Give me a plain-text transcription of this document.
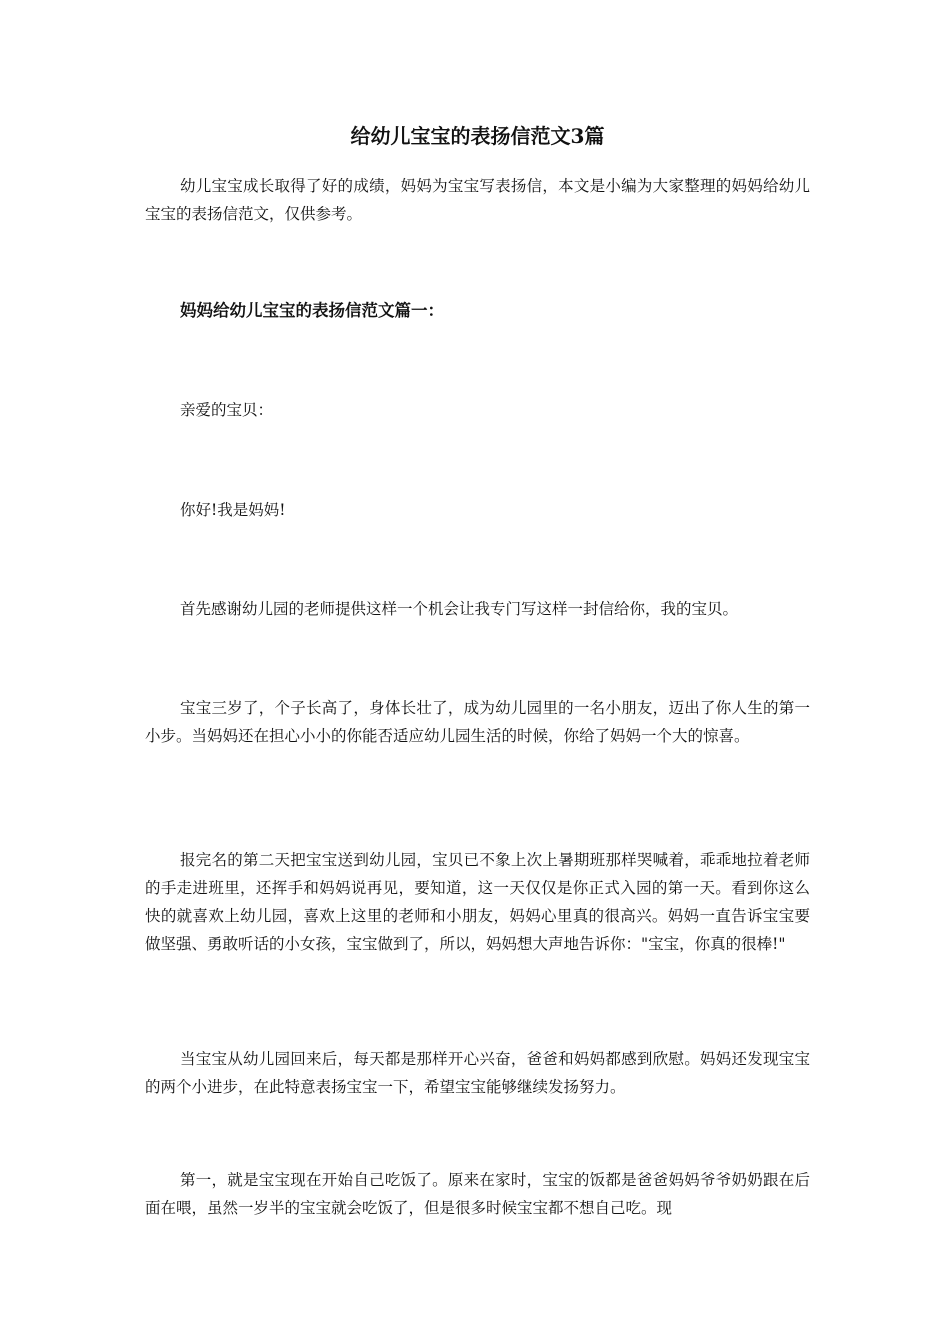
给幼儿宝宝的表扬信范文3篇

幼儿宝宝成长取得了好的成绩，妈妈为宝宝写表扬信，本文是小编为大家整理的妈妈给幼儿宝宝的表扬信范文，仅供参考。

妈妈给幼儿宝宝的表扬信范文篇一：

亲爱的宝贝：

你好!我是妈妈!

首先感谢幼儿园的老师提供这样一个机会让我专门写这样一封信给你，我的宝贝。

宝宝三岁了，个子长高了，身体长壮了，成为幼儿园里的一名小朋友，迈出了你人生的第一小步。当妈妈还在担心小小的你能否适应幼儿园生活的时候，你给了妈妈一个大的惊喜。

报完名的第二天把宝宝送到幼儿园，宝贝已不象上次上暑期班那样哭喊着，乖乖地拉着老师的手走进班里，还挥手和妈妈说再见，要知道，这一天仅仅是你正式入园的第一天。看到你这么快的就喜欢上幼儿园，喜欢上这里的老师和小朋友，妈妈心里真的很高兴。妈妈一直告诉宝宝要做坚强、勇敢听话的小女孩，宝宝做到了，所以，妈妈想大声地告诉你："宝宝，你真的很棒!"

当宝宝从幼儿园回来后，每天都是那样开心兴奋，爸爸和妈妈都感到欣慰。妈妈还发现宝宝的两个小进步，在此特意表扬宝宝一下，希望宝宝能够继续发扬努力。

第一，就是宝宝现在开始自己吃饭了。原来在家时，宝宝的饭都是爸爸妈妈爷爷奶奶跟在后面在喂，虽然一岁半的宝宝就会吃饭了，但是很多时候宝宝都不想自己吃。现
